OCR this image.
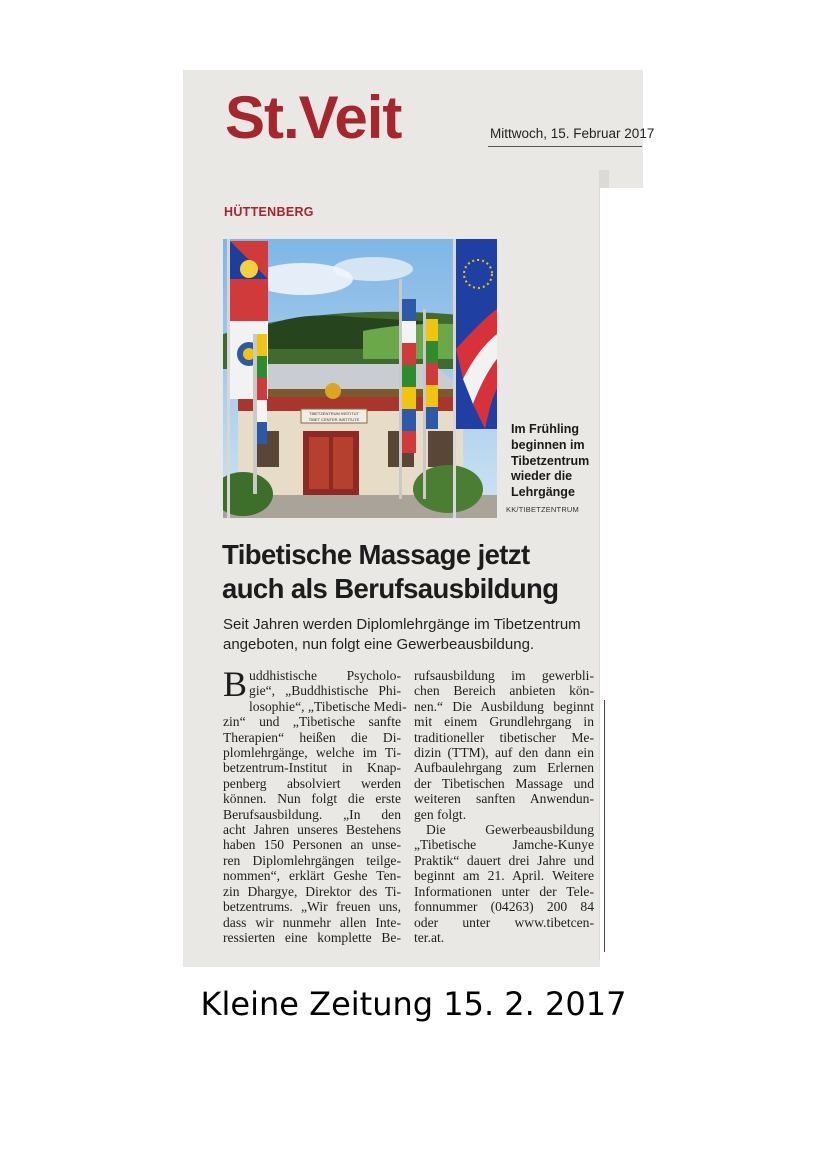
St.Veit	Mittwoch, 15. Februar 2017
HÜTTENBERG
TIBETZENTRUM INSTITUT
TIBET CENTER INSTITUTE
Im Frühling
beginnen im
Tibetzentrum
wieder die
Lehrgänge
KK/TIBETZENTRUM
Tibetische Massage jetzt
auch als Berufsausbildung
Seit Jahren werden Diplomlehrgänge im Tibetzentrum
angeboten, nun folgt eine Gewerbeausbildung.
B uddhistische Psycholo-
gie“, „Buddhistische Phi-
losophie“, „Tibetische Medi-
zin“ und „Tibetische sanfte
Therapien“ heißen die Di-
plomlehrgänge, welche im Ti-
betzentrum-Institut in Knap-
penberg absolviert werden
können. Nun folgt die erste
Berufsausbildung. „In den
acht Jahren unseres Bestehens
haben 150 Personen an unse-
ren Diplomlehrgängen teilge-
nommen“, erklärt Geshe Ten-
zin Dhargye, Direktor des Ti-
betzentrums. „Wir freuen uns,
dass wir nunmehr allen Inte-
ressierten eine komplette Be-
rufsausbildung im gewerbli-
chen Bereich anbieten kön-
nen.“ Die Ausbildung beginnt
mit einem Grundlehrgang in
traditioneller tibetischer Me-
dizin (TTM), auf den dann ein
Aufbaulehrgang zum Erlernen
der Tibetischen Massage und
weiteren sanften Anwendun-
gen folgt.
Die Gewerbeausbildung
„Tibetische Jamche-Kunye
Praktik“ dauert drei Jahre und
beginnt am 21. April. Weitere
Informationen unter der Tele-
fonnummer (04263) 200 84
oder unter www.tibetcen-
ter.at.
Kleine Zeitung 15. 2. 2017
